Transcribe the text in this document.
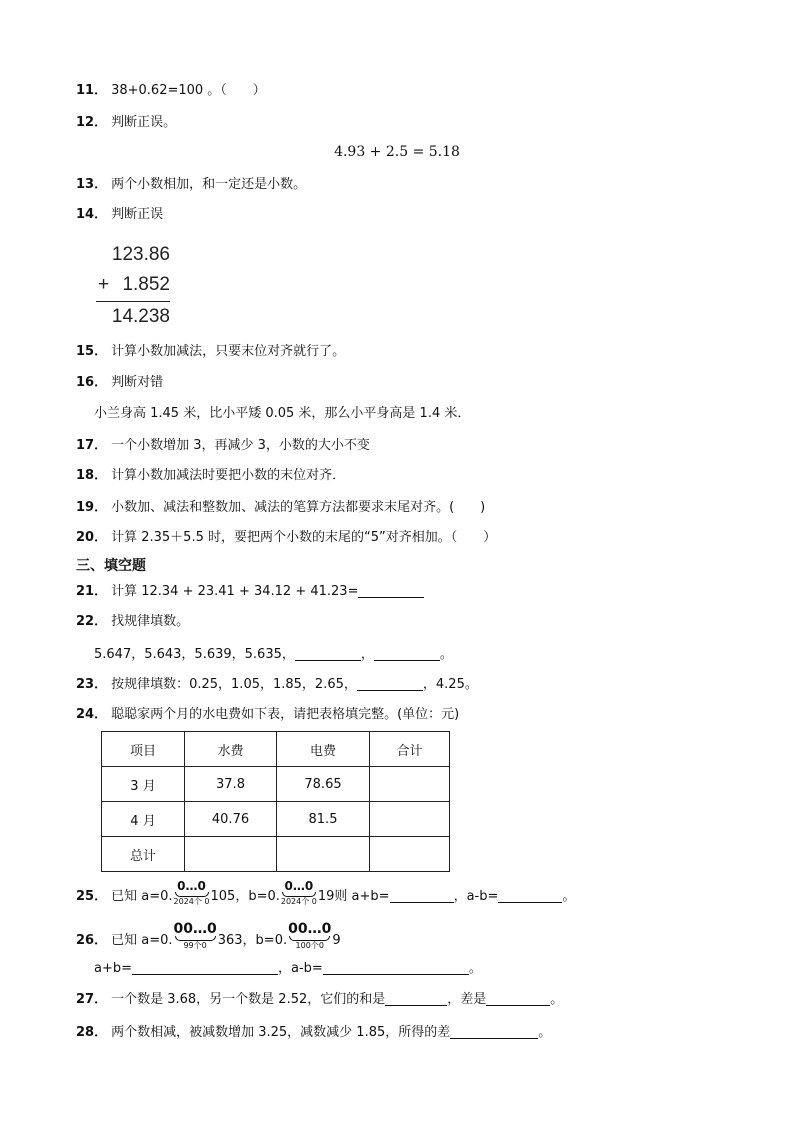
11． 38+0.62=100 。（　　）
12． 判断正误。
4.93 + 2.5 = 5.18
13． 两个小数相加，和一定还是小数。
14． 判断正误
123.86
+ 1.852
14.238
15． 计算小数加减法，只要末位对齐就行了。
16． 判断对错
小兰身高 1.45 米，比小平矮 0.05 米，那么小平身高是 1.4 米．
17． 一个小数增加 3，再减少 3，小数的大小不变
18． 计算小数加减法时要把小数的末位对齐．
19． 小数加、减法和整数加、减法的笔算方法都要求末尾对齐。(　　)
20． 计算 2.35＋5.5 时，要把两个小数的末尾的“5”对齐相加。（　　）
三、填空题
21． 计算 12.34 + 23.41 + 34.12 + 41.23=
22． 找规律填数。
5.647，5.643，5.639，5.635，	，	。
23． 按规律填数：0.25，1.05，1.85，2.65，	，4.25。
24． 聪聪家两个月的水电费如下表，请把表格填完整。(单位：元)
项目	水费	电费	合计
3 月	37.8	78.65	
4 月	40.76	81.5	
总计			
25． 已知 a=0.
0…0
2024个 0 105，b=0.
0…0
2024个 0 19则 a+b=	，a-b=	。
26． 已知 a=0.
00…0
99个0 363，b=0.
00…0
100个0 9
a+b=	，a-b=	。
27． 一个数是 3.68，另一个数是 2.52，它们的和是	，差是	。
28． 两个数相减，被减数增加 3.25，减数减少 1.85，所得的差	。
